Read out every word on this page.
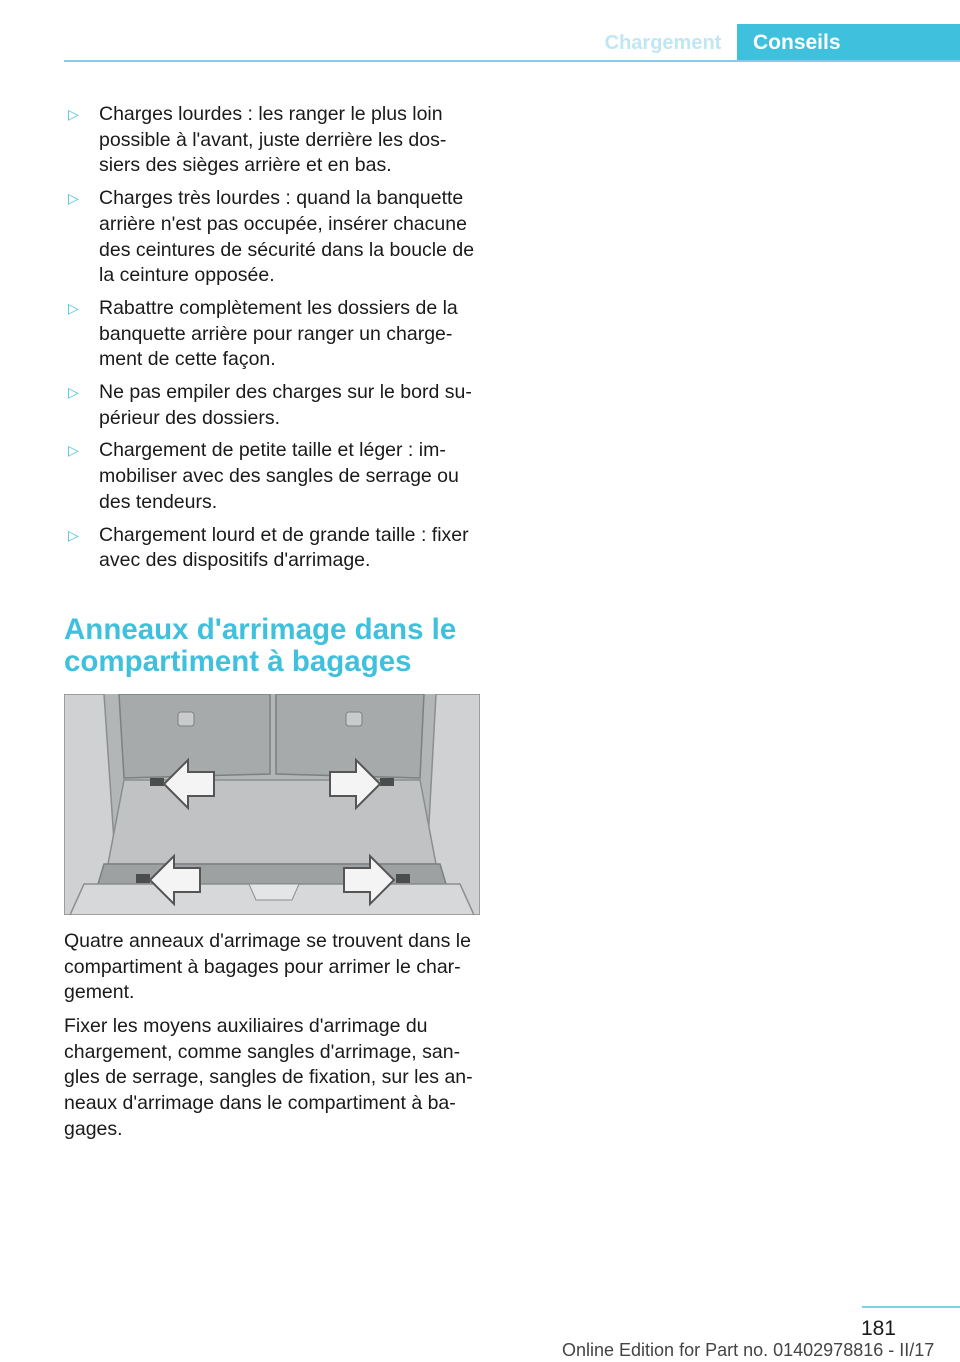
Chargement	Conseils
▷ Charges lourdes : les ranger le plus loin possible à l'avant, juste derrière les dos‐siers des sièges arrière et en bas.
▷ Charges très lourdes : quand la banquette arrière n'est pas occupée, insérer chacune des ceintures de sécurité dans la boucle de la ceinture opposée.
▷ Rabattre complètement les dossiers de la banquette arrière pour ranger un charge‐ment de cette façon.
▷ Ne pas empiler des charges sur le bord su‐périeur des dossiers.
▷ Chargement de petite taille et léger : im‐mobiliser avec des sangles de serrage ou des tendeurs.
▷ Chargement lourd et de grande taille : fixer avec des dispositifs d'arrimage.
Anneaux d'arrimage dans le compartiment à bagages

Quatre anneaux d'arrimage se trouvent dans le compartiment à bagages pour arrimer le char‐gement.

Fixer les moyens auxiliaires d'arrimage du chargement, comme sangles d'arrimage, san‐gles de serrage, sangles de fixation, sur les an‐neaux d'arrimage dans le compartiment à ba‐gages.

181
Online Edition for Part no. 01402978816 - II/17
